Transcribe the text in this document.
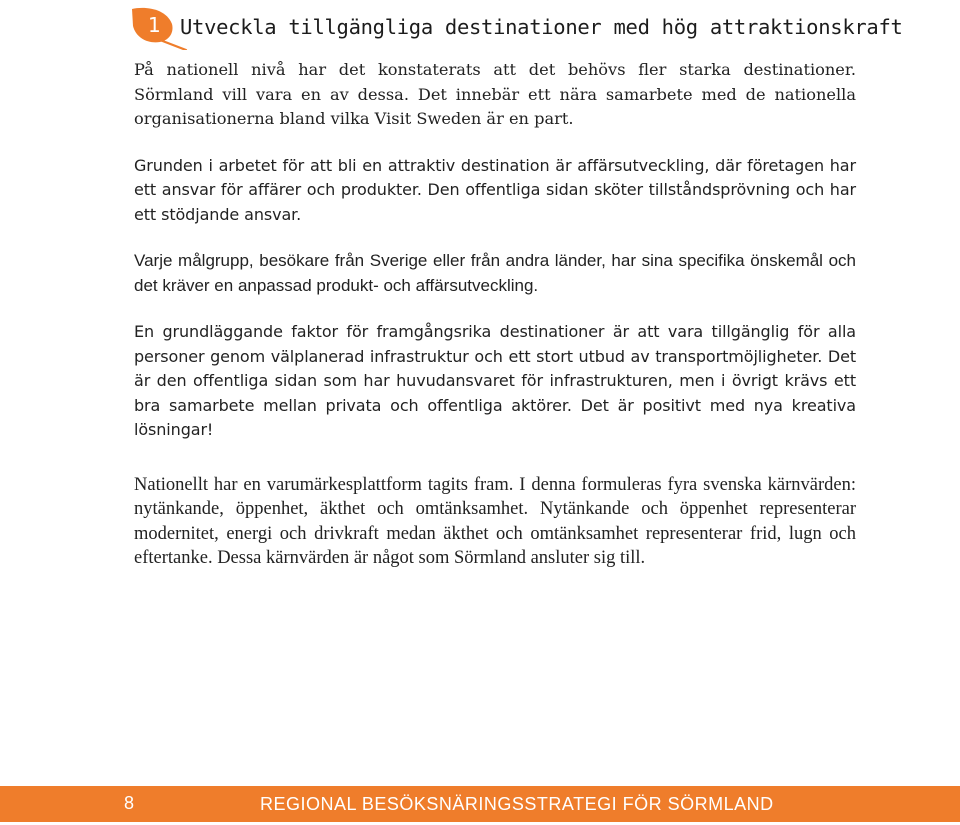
1 Utveckla tillgängliga destinationer med hög attraktionskraft

På nationell nivå har det konstaterats att det behövs fler starka destinationer. Sörmland vill vara en av dessa. Det innebär ett nära samarbete med de nationella organisationerna bland vilka Visit Sweden är en part.

Grunden i arbetet för att bli en attraktiv destination är affärsutveckling, där företagen har ett ansvar för affärer och produkter. Den offentliga sidan sköter tillståndsprövning och har ett stödjande ansvar.

Varje målgrupp, besökare från Sverige eller från andra länder, har sina specifika önskemål och det kräver en anpassad produkt- och affärsutveckling.

En grundläggande faktor för framgångsrika destinationer är att vara tillgänglig för alla personer genom välplanerad infrastruktur och ett stort utbud av transportmöjligheter. Det är den offentliga sidan som har huvudansvaret för infrastrukturen, men i övrigt krävs ett bra samarbete mellan privata och offentliga aktörer. Det är positivt med nya kreativa lösningar!

Nationellt har en varumärkesplattform tagits fram. I denna formuleras fyra svenska kärnvärden: nytänkande, öppenhet, äkthet och omtänksamhet. Nytänkande och öppenhet representerar modernitet, energi och drivkraft medan äkthet och omtänksamhet representerar frid, lugn och eftertanke. Dessa kärnvärden är något som Sörmland ansluter sig till.

8	REGIONAL BESÖKSNÄRINGSSTRATEGI FÖR SÖRMLAND
